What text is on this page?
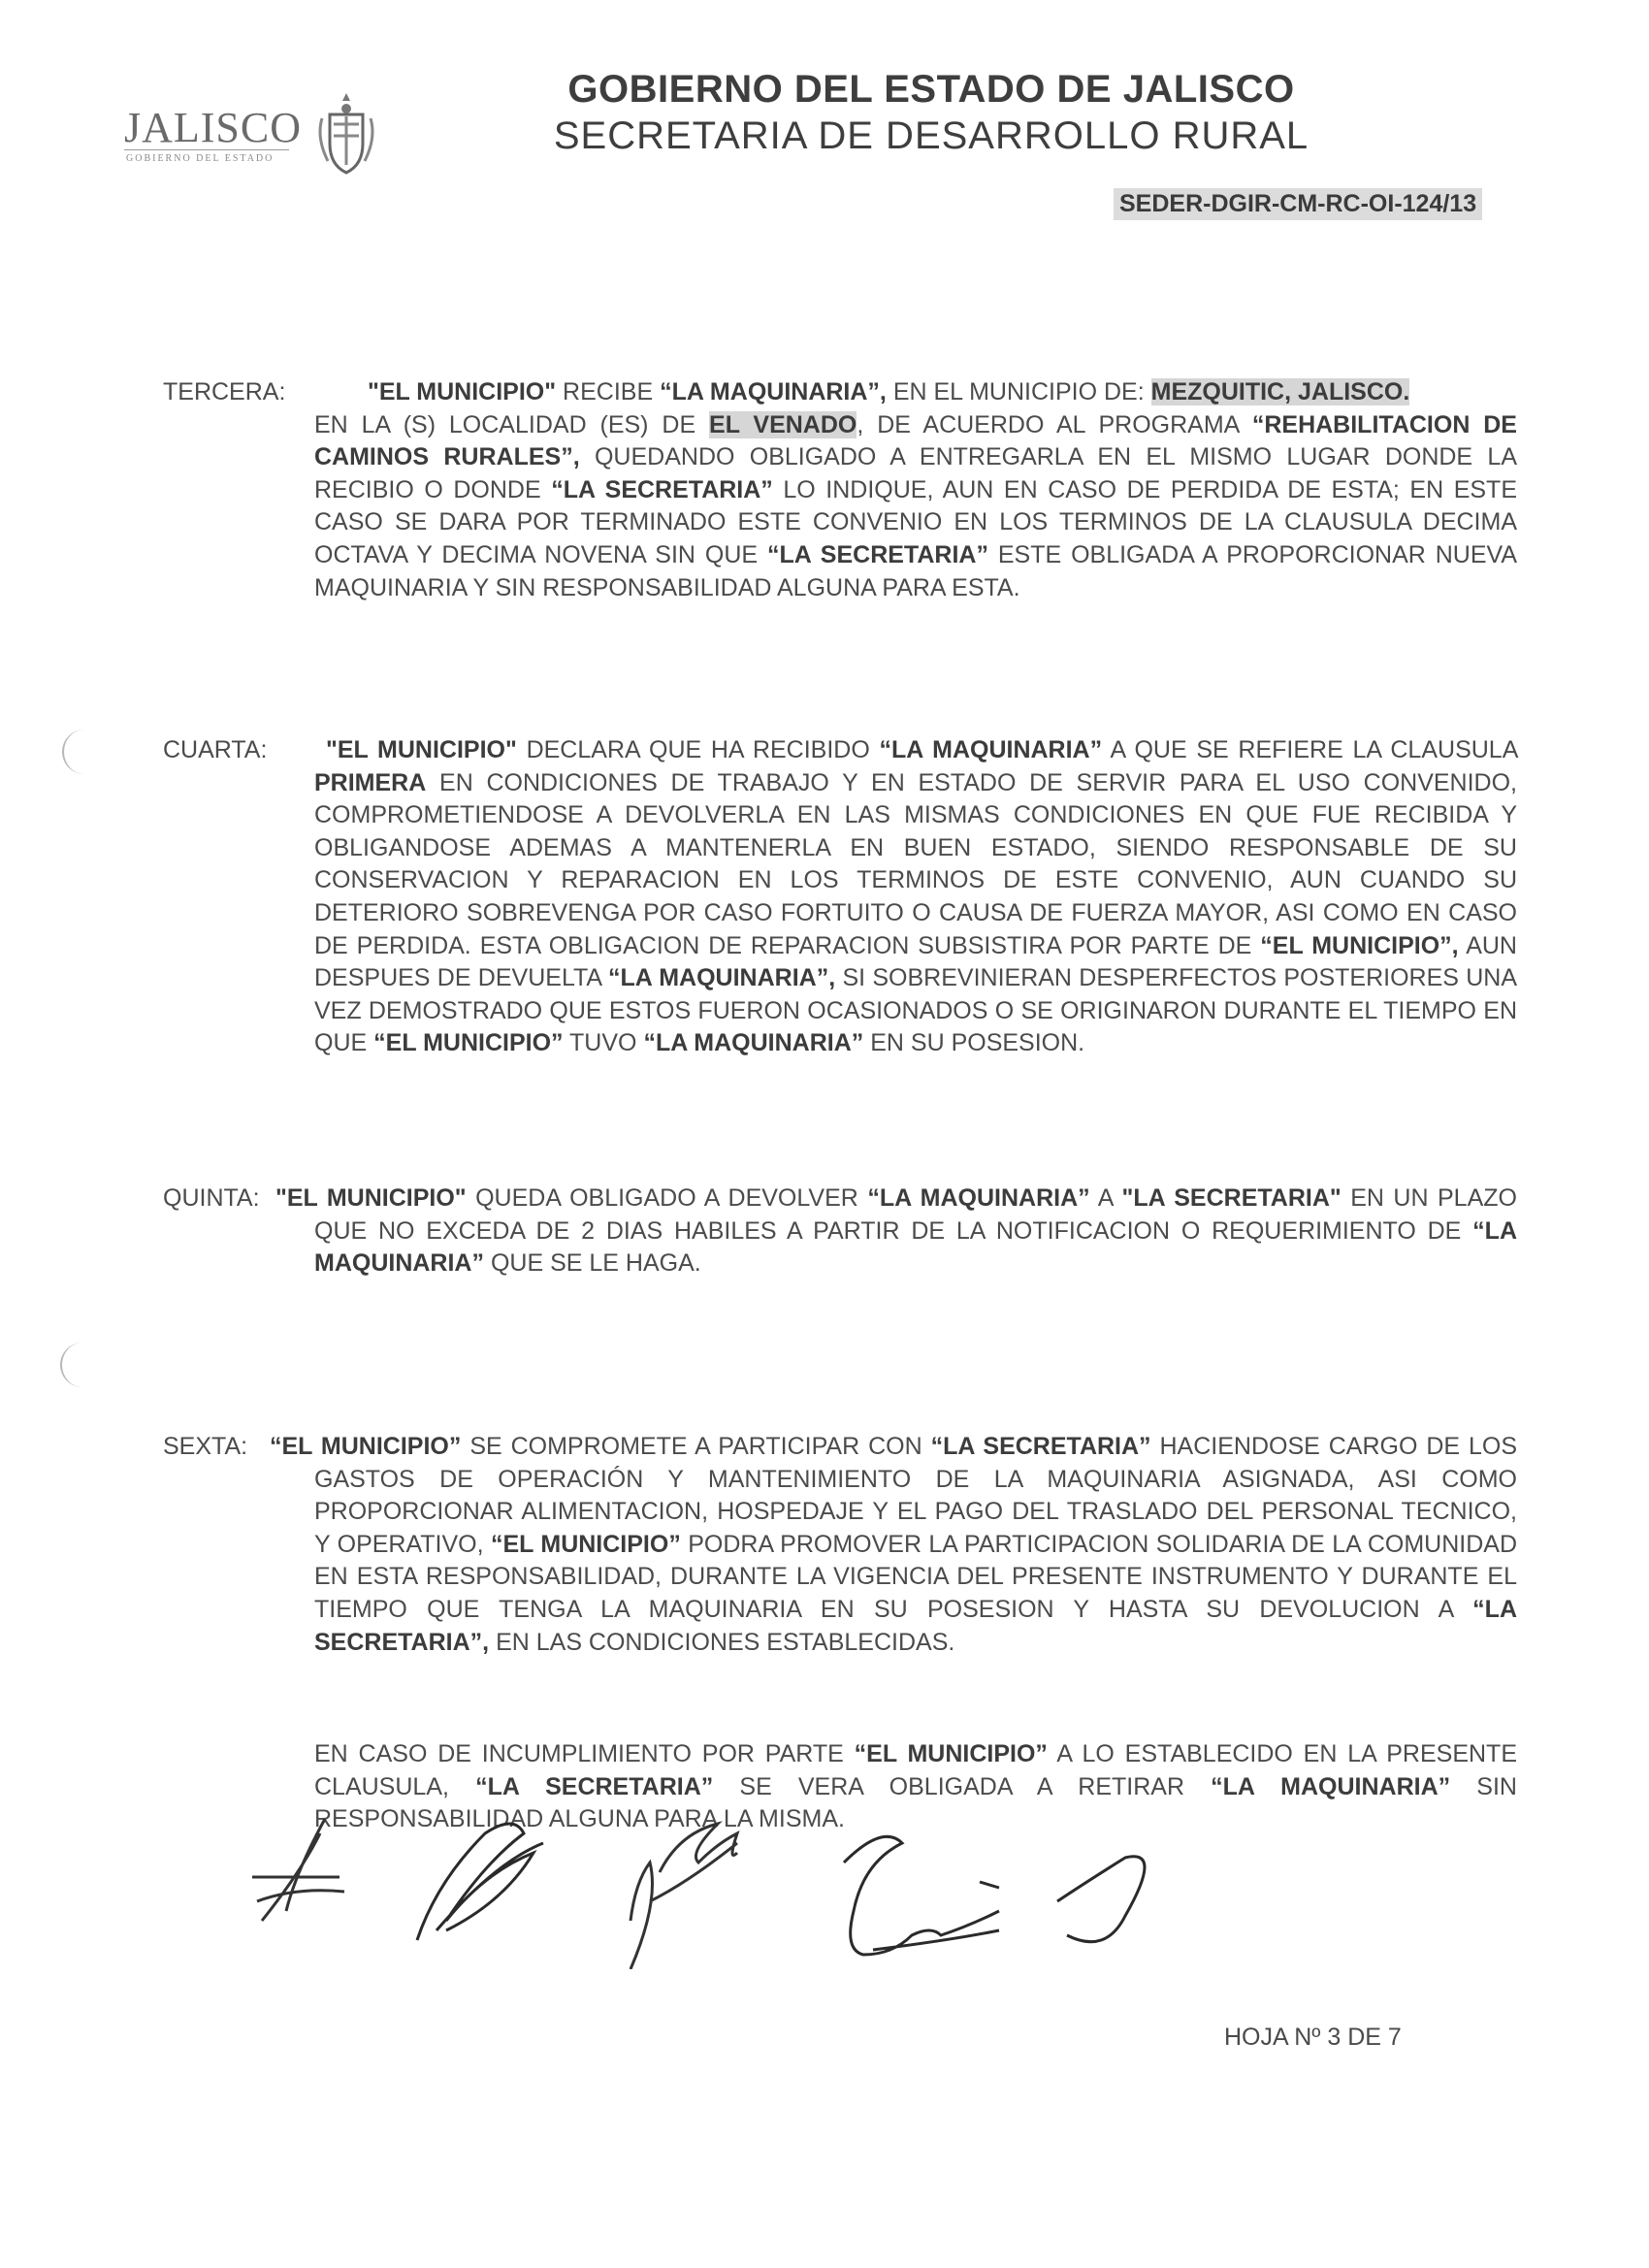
JALISCO
GOBIERNO DEL ESTADO
GOBIERNO DEL ESTADO DE JALISCO
SECRETARIA DE DESARROLLO RURAL
SEDER-DGIR-CM-RC-OI-124/13
TERCERA:	"EL MUNICIPIO" RECIBE “LA MAQUINARIA”, EN EL MUNICIPIO DE: MEZQUITIC, JALISCO.

EN LA (S) LOCALIDAD (ES) DE EL VENADO, DE ACUERDO AL PROGRAMA “REHABILITACION DE CAMINOS RURALES”, QUEDANDO OBLIGADO A ENTREGARLA EN EL MISMO LUGAR DONDE LA RECIBIO O DONDE “LA SECRETARIA” LO INDIQUE, AUN EN CASO DE PERDIDA DE ESTA; EN ESTE CASO SE DARA POR TERMINADO ESTE CONVENIO EN LOS TERMINOS DE LA CLAUSULA DECIMA OCTAVA Y DECIMA NOVENA SIN QUE “LA SECRETARIA” ESTE OBLIGADA A PROPORCIONAR NUEVA MAQUINARIA Y SIN RESPONSABILIDAD ALGUNA PARA ESTA.

CUARTA:	"EL MUNICIPIO" DECLARA QUE HA RECIBIDO “LA MAQUINARIA” A QUE SE REFIERE LA CLAUSULA PRIMERA EN CONDICIONES DE TRABAJO Y EN ESTADO DE SERVIR PARA EL USO CONVENIDO, COMPROMETIENDOSE A DEVOLVERLA EN LAS MISMAS CONDICIONES EN QUE FUE RECIBIDA Y OBLIGANDOSE ADEMAS A MANTENERLA EN BUEN ESTADO, SIENDO RESPONSABLE DE SU CONSERVACION Y REPARACION EN LOS TERMINOS DE ESTE CONVENIO, AUN CUANDO SU DETERIORO SOBREVENGA POR CASO FORTUITO O CAUSA DE FUERZA MAYOR, ASI COMO EN CASO DE PERDIDA. ESTA OBLIGACION DE REPARACION SUBSISTIRA POR PARTE DE “EL MUNICIPIO”, AUN DESPUES DE DEVUELTA “LA MAQUINARIA”, SI SOBREVINIERAN DESPERFECTOS POSTERIORES UNA VEZ DEMOSTRADO QUE ESTOS FUERON OCASIONADOS O SE ORIGINARON DURANTE EL TIEMPO EN QUE “EL MUNICIPIO” TUVO “LA MAQUINARIA” EN SU POSESION.

QUINTA: "EL MUNICIPIO" QUEDA OBLIGADO A DEVOLVER “LA MAQUINARIA” A "LA SECRETARIA" EN UN PLAZO QUE NO EXCEDA DE 2 DIAS HABILES A PARTIR DE LA NOTIFICACION O REQUERIMIENTO DE “LA MAQUINARIA” QUE SE LE HAGA.

SEXTA: “EL MUNICIPIO” SE COMPROMETE A PARTICIPAR CON “LA SECRETARIA” HACIENDOSE CARGO DE LOS GASTOS DE OPERACIÓN Y MANTENIMIENTO DE LA MAQUINARIA ASIGNADA, ASI COMO PROPORCIONAR ALIMENTACION, HOSPEDAJE Y EL PAGO DEL TRASLADO DEL PERSONAL TECNICO, Y OPERATIVO, “EL MUNICIPIO” PODRA PROMOVER LA PARTICIPACION SOLIDARIA DE LA COMUNIDAD EN ESTA RESPONSABILIDAD, DURANTE LA VIGENCIA DEL PRESENTE INSTRUMENTO Y DURANTE EL TIEMPO QUE TENGA LA MAQUINARIA EN SU POSESION Y HASTA SU DEVOLUCION A “LA SECRETARIA”, EN LAS CONDICIONES ESTABLECIDAS.

EN CASO DE INCUMPLIMIENTO POR PARTE “EL MUNICIPIO” A LO ESTABLECIDO EN LA PRESENTE CLAUSULA, “LA SECRETARIA” SE VERA OBLIGADA A RETIRAR “LA MAQUINARIA” SIN RESPONSABILIDAD ALGUNA PARA LA MISMA.

HOJA Nº 3 DE 7
